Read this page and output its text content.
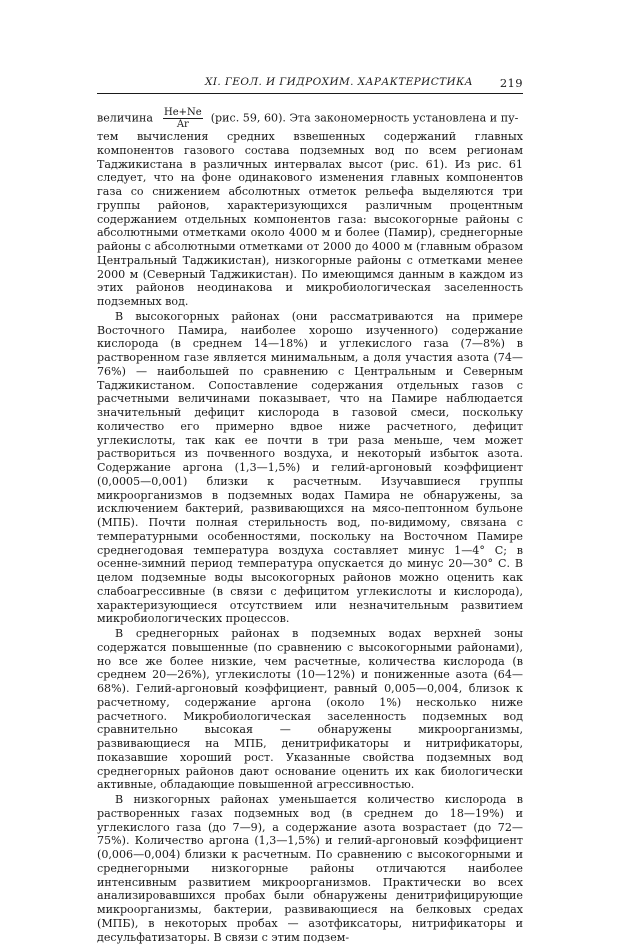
XI. ГЕОЛ. И ГИДРОХИМ. ХАРАКТЕРИСТИКА 219

величина $\frac{He+Ne}{Ar} (рис$. 59, 60). Эта закономерность установлена и пу-

тем вычисления средних взвешенных содержаний главных компонентов газового состава подземных вод по всем регионам Таджикистана в различных интервалах высот (рис. 61). Из рис. 61 следует, что на фоне одинакового изменения главных компонентов газа со снижением абсолютных отметок рельефа выделяются три группы районов, характеризующихся различным процентным содержанием отдельных компонентов газа: высокогорные районы с абсолютными отметками около 4000 м и более (Памир), среднегорные районы с абсолютными отметками от 2000 до 4000 м (главным образом Центральный Таджикистан), низкогорные районы с отметками менее 2000 м (Северный Таджикистан). По имеющимся данным в каждом из этих районов неодинакова и микробиологическая заселенность подземных вод.

В высокогорных районах (они рассматриваются на примере Восточного Памира, наиболее хорошо изученного) содержание кислорода (в среднем 14—18%) и углекислого газа (7—8%) в растворенном газе является минимальным, а доля участия азота (74—76%) — наибольшей по сравнению с Центральным и Северным Таджикистаном. Сопоставление содержания отдельных газов с расчетными величинами показывает, что на Памире наблюдается значительный дефицит кислорода в газовой смеси, поскольку количество его примерно вдвое ниже расчетного, дефицит углекислоты, так как ее почти в три раза меньше, чем может раствориться из почвенного воздуха, и некоторый избыток азота. Содержание аргона (1,3—1,5%) и гелий-аргоновый коэффициент (0,0005—0,001) близки к расчетным. Изучавшиеся группы микроорганизмов в подземных водах Памира не обнаружены, за исключением бактерий, развивающихся на мясо-пептонном бульоне (МПБ). Почти полная стерильность вод, по-видимому, связана с температурными особенностями, поскольку на Восточном Памире среднегодовая температура воздуха составляет минус 1—4° С; в осенне-зимний период температура опускается до минус 20—30° С. В целом подземные воды высокогорных районов можно оценить как слабоагрессивные (в связи с дефицитом углекислоты и кислорода), характеризующиеся отсутствием или незначительным развитием микробиологических процессов.

В среднегорных районах в подземных водах верхней зоны содержатся повышенные (по сравнению с высокогорными районами), но все же более низкие, чем расчетные, количества кислорода (в среднем 20—26%), углекислоты (10—12%) и пониженные азота (64—68%). Гелий-аргоновый коэффициент, равный 0,005—0,004, близок к расчетному, содержание аргона (около 1%) несколько ниже расчетного. Микробиологическая заселенность подземных вод сравнительно высокая — обнаружены микроорганизмы, развивающиеся на МПБ, денитрификаторы и нитрификаторы, показавшие хороший рост. Указанные свойства подземных вод среднегорных районов дают основание оценить их как биологически активные, обладающие повышенной агрессивностью.

В низкогорных районах уменьшается количество кислорода в растворенных газах подземных вод (в среднем до 18—19%) и углекислого газа (до 7—9), а содержание азота возрастает (до 72—75%). Количество аргона (1,3—1,5%) и гелий-аргоновый коэффициент (0,006—0,004) близки к расчетным. По сравнению с высокогорными и среднегорными низкогорные районы отличаются наиболее интенсивным развитием микроорганизмов. Практически во всех анализировавшихся пробах были обнаружены денитрифицирующие микроорганизмы, бактерии, развивающиеся на белковых средах (МПБ), в некоторых пробах — азотфиксаторы, нитрификаторы и десульфатизаторы. В связи с этим подзем-
